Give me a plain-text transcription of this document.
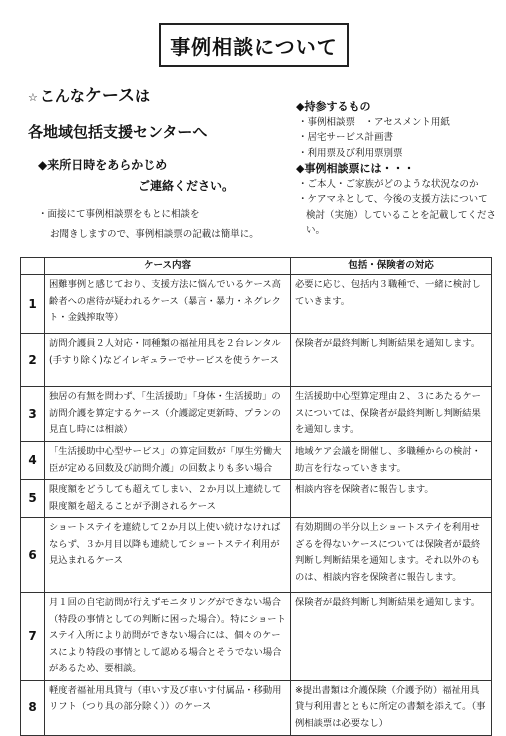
事例相談について
☆ こんなケースは
各地域包括支援センターへ
◆来所日時をあらかじめ
ご連絡ください。
・面接にて事例相談票をもとに相談を
お聞きしますので、事例相談票の記載は簡単に。
◆持参するもの
・事例相談票　・アセスメント用紙
・居宅サービス計画書
・利用票及び利用票別票
◆事例相談票には・・・
・ご本人・ご家族がどのような状況なのか
・ケアマネとして、今後の支援方法について検討（実施）していることを記載してください。
	ケース内容	包括・保険者の対応
1	困難事例と感じており、支援方法に悩んでいるケース高齢者への虐待が疑われるケース（暴言・暴力・ネグレクト・金銭搾取等）	必要に応じ、包括内３職種で、一緒に検討していきます。
2	訪問介護員２人対応・同種類の福祉用具を２台レンタル(手すり除く)などイレギュラーでサービスを使うケース	保険者が最終判断し判断結果を通知します。
3	独居の有無を問わず、「生活援助」「身体・生活援助」の訪問介護を算定するケース（介護認定更新時、プランの見直し時には相談）	生活援助中心型算定理由２、３にあたるケースについては、保険者が最終判断し判断結果を通知します。
4	「生活援助中心型サービス」の算定回数が「厚生労働大臣が定める回数及び訪問介護」の回数よりも多い場合	地域ケア会議を開催し、多職種からの検討・助言を行なっていきます。
5	限度額をどうしても超えてしまい、２か月以上連続して限度額を超えることが予測されるケース	相談内容を保険者に報告します。
6	ショートステイを連続して２か月以上使い続けなければならず、３か月目以降も連続してショートステイ利用が見込まれるケース	有効期間の半分以上ショートステイを利用せざるを得ないケースについては保険者が最終判断し判断結果を通知します。それ以外のものは、相談内容を保険者に報告します。
7	月１回の自宅訪問が行えずモニタリングができない場合（特段の事情としての判断に困った場合）。特にショートステイ入所により訪問ができない場合には、個々のケースにより特段の事情として認める場合とそうでない場合があるため、要相談。	保険者が最終判断し判断結果を通知します。
8	軽度者福祉用具貸与（車いす及び車いす付属品・移動用リフト（つり具の部分除く））のケース	※提出書類は介護保険（介護予防）福祉用具貸与利用書とともに所定の書類を添えて。（事例相談票は必要なし）
